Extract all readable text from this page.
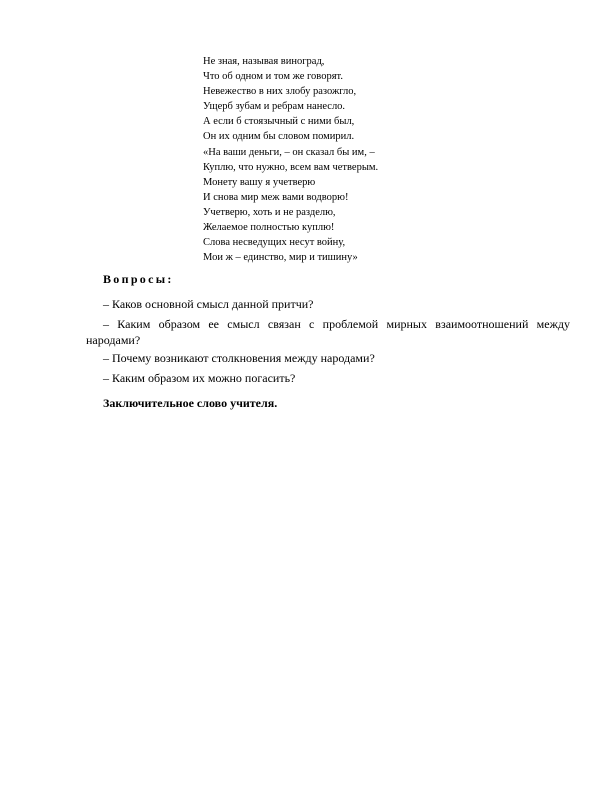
Не зная, называя виноград,
Что об одном и том же говорят.
Невежество в них злобу разожгло,
Ущерб зубам и ребрам нанесло.
А если б стоязычный с ними был,
Он их одним бы словом помирил.
«На ваши деньги, – он сказал бы им, –
Куплю, что нужно, всем вам четверым.
Монету вашу я учетверю
И снова мир меж вами водворю!
Учетверю, хоть и не разделю,
Желаемое полностью куплю!
Слова несведущих несут войну,
Мои ж – единство, мир и тишину»
Вопросы:
– Каков основной смысл данной притчи?
– Каким образом ее смысл связан с проблемой мирных взаимоотношений между народами?
– Почему возникают столкновения между народами?
– Каким образом их можно погасить?
Заключительное слово учителя.
